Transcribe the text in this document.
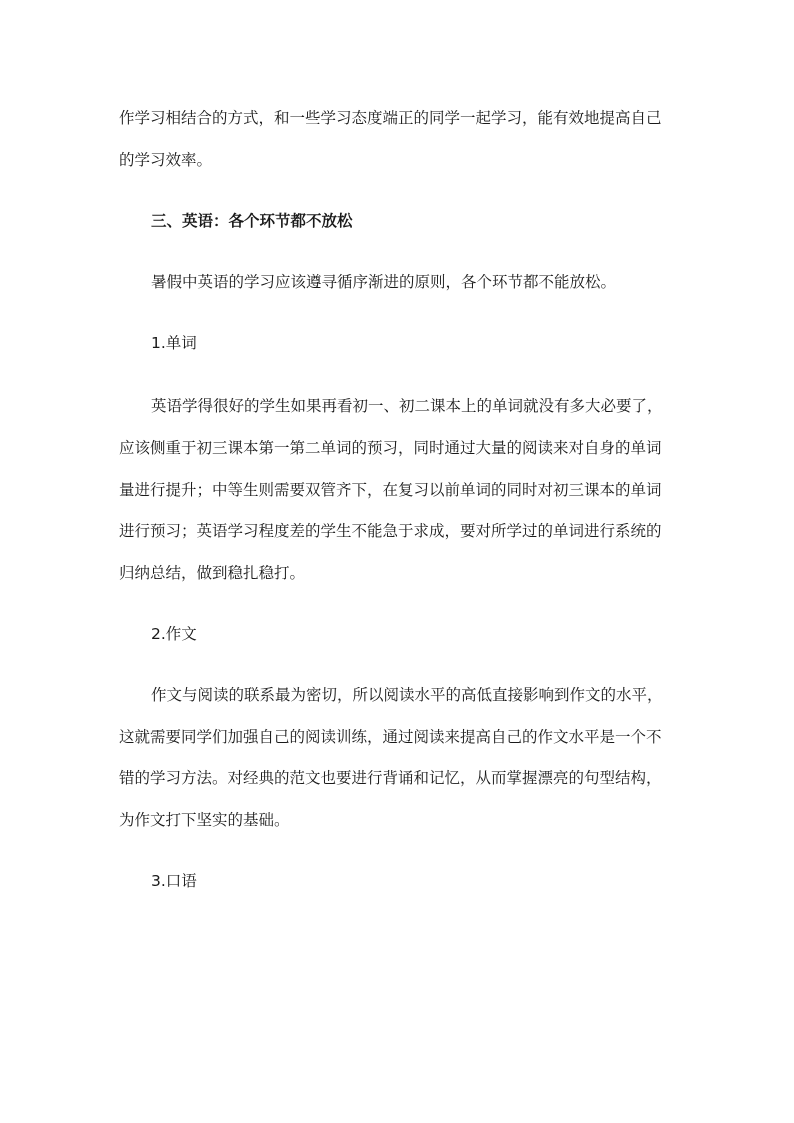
作学习相结合的方式，和一些学习态度端正的同学一起学习，能有效地提高自己
的学习效率。
三、英语：各个环节都不放松
暑假中英语的学习应该遵寻循序渐进的原则，各个环节都不能放松。
1.单词
英语学得很好的学生如果再看初一、初二课本上的单词就没有多大必要了，
应该侧重于初三课本第一第二单词的预习，同时通过大量的阅读来对自身的单词
量进行提升；中等生则需要双管齐下，在复习以前单词的同时对初三课本的单词
进行预习；英语学习程度差的学生不能急于求成，要对所学过的单词进行系统的
归纳总结，做到稳扎稳打。
2.作文
作文与阅读的联系最为密切，所以阅读水平的高低直接影响到作文的水平，
这就需要同学们加强自己的阅读训练，通过阅读来提高自己的作文水平是一个不
错的学习方法。对经典的范文也要进行背诵和记忆，从而掌握漂亮的句型结构，
为作文打下坚实的基础。
3.口语
